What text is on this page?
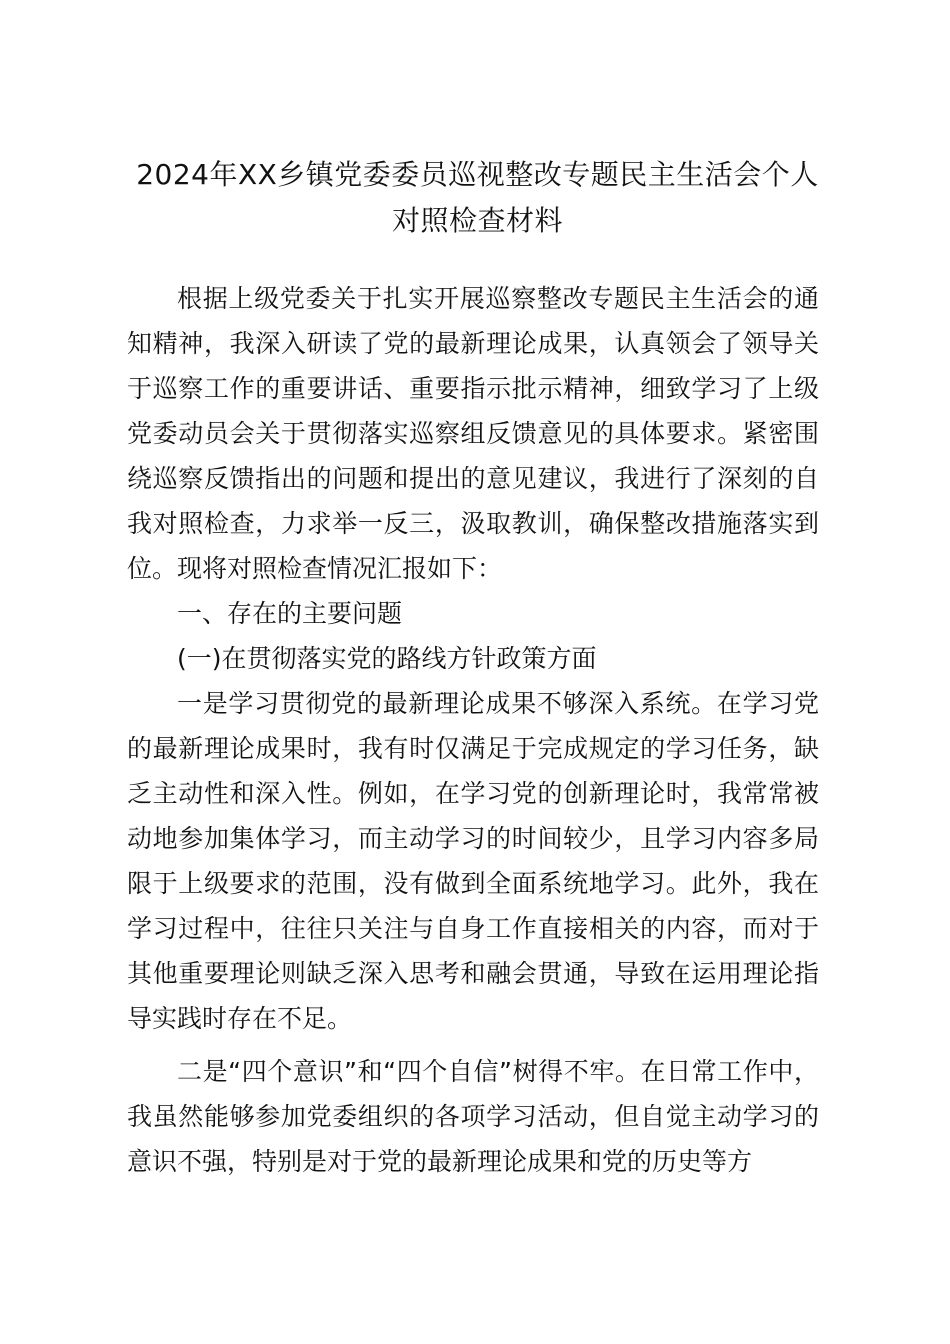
2024年XX乡镇党委委员巡视整改专题民主生活会个人
对照检查材料

根据上级党委关于扎实开展巡察整改专题民主生活会的通知精神，我深入研读了党的最新理论成果，认真领会了领导关于巡察工作的重要讲话、重要指示批示精神，细致学习了上级党委动员会关于贯彻落实巡察组反馈意见的具体要求。紧密围绕巡察反馈指出的问题和提出的意见建议，我进行了深刻的自我对照检查，力求举一反三，汲取教训，确保整改措施落实到位。现将对照检查情况汇报如下：

一、存在的主要问题

(一)在贯彻落实党的路线方针政策方面

一是学习贯彻党的最新理论成果不够深入系统。在学习党的最新理论成果时，我有时仅满足于完成规定的学习任务，缺乏主动性和深入性。例如，在学习党的创新理论时，我常常被动地参加集体学习，而主动学习的时间较少，且学习内容多局限于上级要求的范围，没有做到全面系统地学习。此外，我在学习过程中，往往只关注与自身工作直接相关的内容，而对于其他重要理论则缺乏深入思考和融会贯通，导致在运用理论指导实践时存在不足。

二是“四个意识”和“四个自信”树得不牢。在日常工作中，我虽然能够参加党委组织的各项学习活动，但自觉主动学习的意识不强，特别是对于党的最新理论成果和党的历史等方
